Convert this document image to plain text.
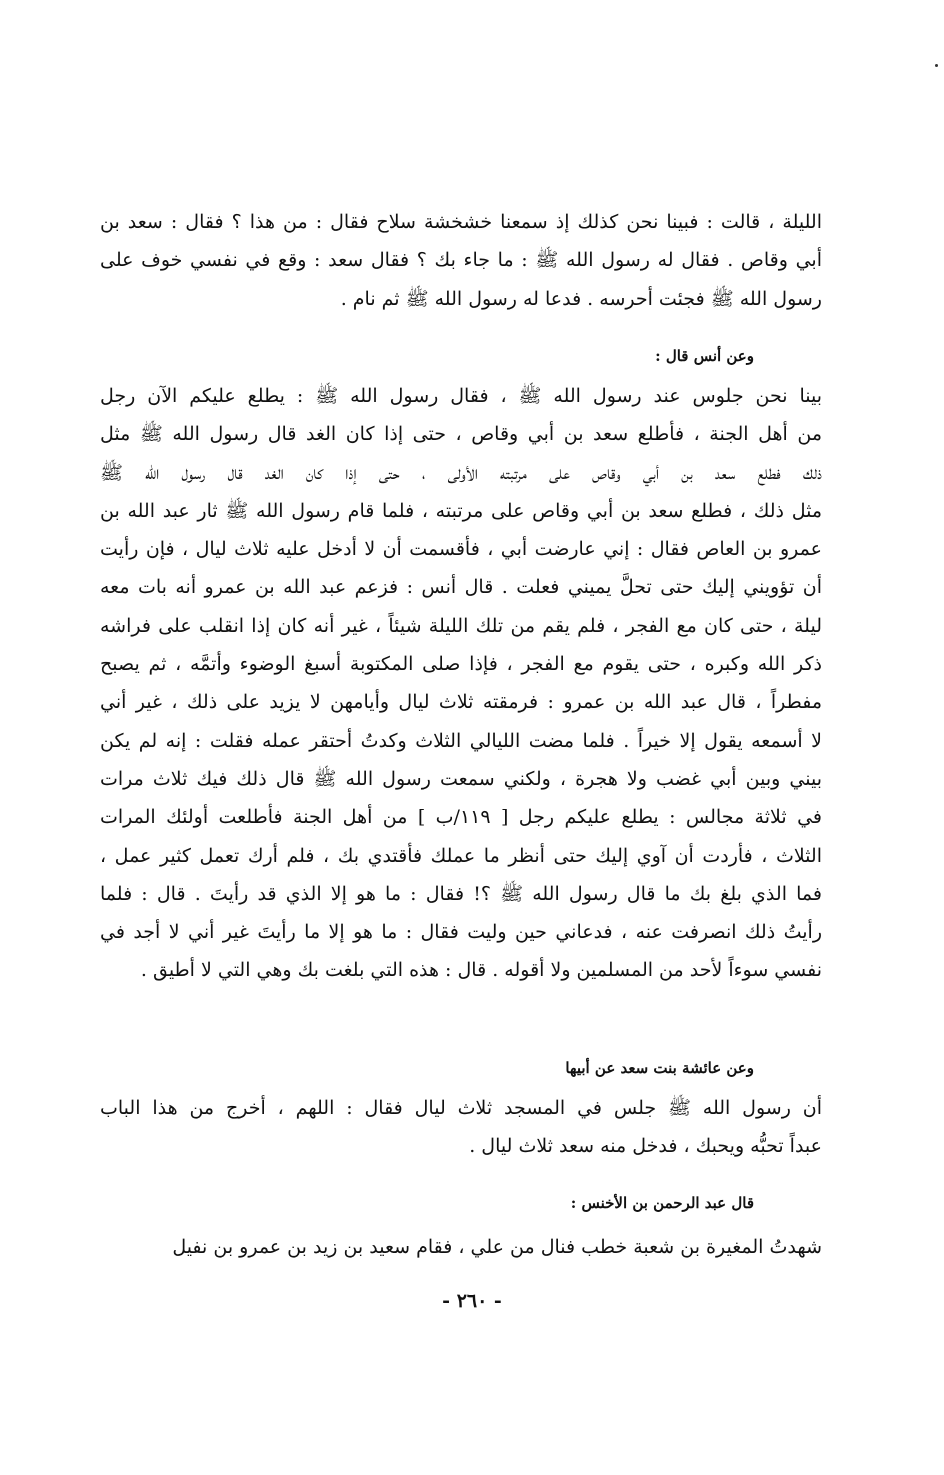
الليلة ، قالت : فبينا نحن كذلك إذ سمعنا خشخشة سلاح فقال : من هذا ؟ فقال : سعد بن
أبي وقاص . فقال له رسول الله ﷺ : ما جاء بك ؟ فقال سعد : وقع في نفسي خوف على
رسول الله ﷺ فجئت أحرسه . فدعا له رسول الله ﷺ ثم نام .
وعن أنس قال :
بينا نحن جلوس عند رسول الله ﷺ ، فقال رسول الله ﷺ : يطلع عليكم الآن رجل
من أهل الجنة ، فأطلع سعد بن أبي وقاص ، حتى إذا كان الغد قال رسول الله ﷺ مثل
ذلك فطلع سعد بن أبي وقاص على مرتبته الأولى ، حتى إذا كان الغد قال رسول الله ﷺ
مثل ذلك ، فطلع سعد بن أبي وقاص على مرتبته ، فلما قام رسول الله ﷺ ثار عبد الله بن
عمرو بن العاص فقال : إني عارضت أبي ، فأقسمت أن لا أدخل عليه ثلاث ليال ، فإن رأيت
أن تؤويني إليك حتى تحلَّ يميني فعلت . قال أنس : فزعم عبد الله بن عمرو أنه بات معه
ليلة ، حتى كان مع الفجر ، فلم يقم من تلك الليلة شيئاً ، غير أنه كان إذا انقلب على فراشه
ذكر الله وكبره ، حتى يقوم مع الفجر ، فإذا صلى المكتوبة أسبغ الوضوء وأتمَّه ، ثم يصبح
مفطراً ، قال عبد الله بن عمرو : فرمقته ثلاث ليال وأيامهن لا يزيد على ذلك ، غير أني
لا أسمعه يقول إلا خيراً . فلما مضت الليالي الثلاث وكدتُ أحتقر عمله فقلت : إنه لم يكن
بيني وبين أبي غضب ولا هجرة ، ولكني سمعت رسول الله ﷺ قال ذلك فيك ثلاث مرات
في ثلاثة مجالس : يطلع عليكم رجل [ ١١٩/ب ] من أهل الجنة فأطلعت أولئك المرات
الثلاث ، فأردت أن آوي إليك حتى أنظر ما عملك فأقتدي بك ، فلم أرك تعمل كثير عمل ،
فما الذي بلغ بك ما قال رسول الله ﷺ ؟! فقال : ما هو إلا الذي قد رأيتَ . قال : فلما
رأيتُ ذلك انصرفت عنه ، فدعاني حين وليت فقال : ما هو إلا ما رأيتَ غير أني لا أجد في
نفسي سوءاً لأحد من المسلمين ولا أقوله . قال : هذه التي بلغت بك وهي التي لا أطيق .
وعن عائشة بنت سعد عن أبيها
أن رسول الله ﷺ جلس في المسجد ثلاث ليال فقال : اللهم ، أخرج من هذا الباب
عبداً تحبُّه ويحبك ، فدخل منه سعد ثلاث ليال .
قال عبد الرحمن بن الأخنس :
شهدتُ المغيرة بن شعبة خطب فنال من علي ، فقام سعيد بن زيد بن عمرو بن نفيل
- ٢٦٠ -
